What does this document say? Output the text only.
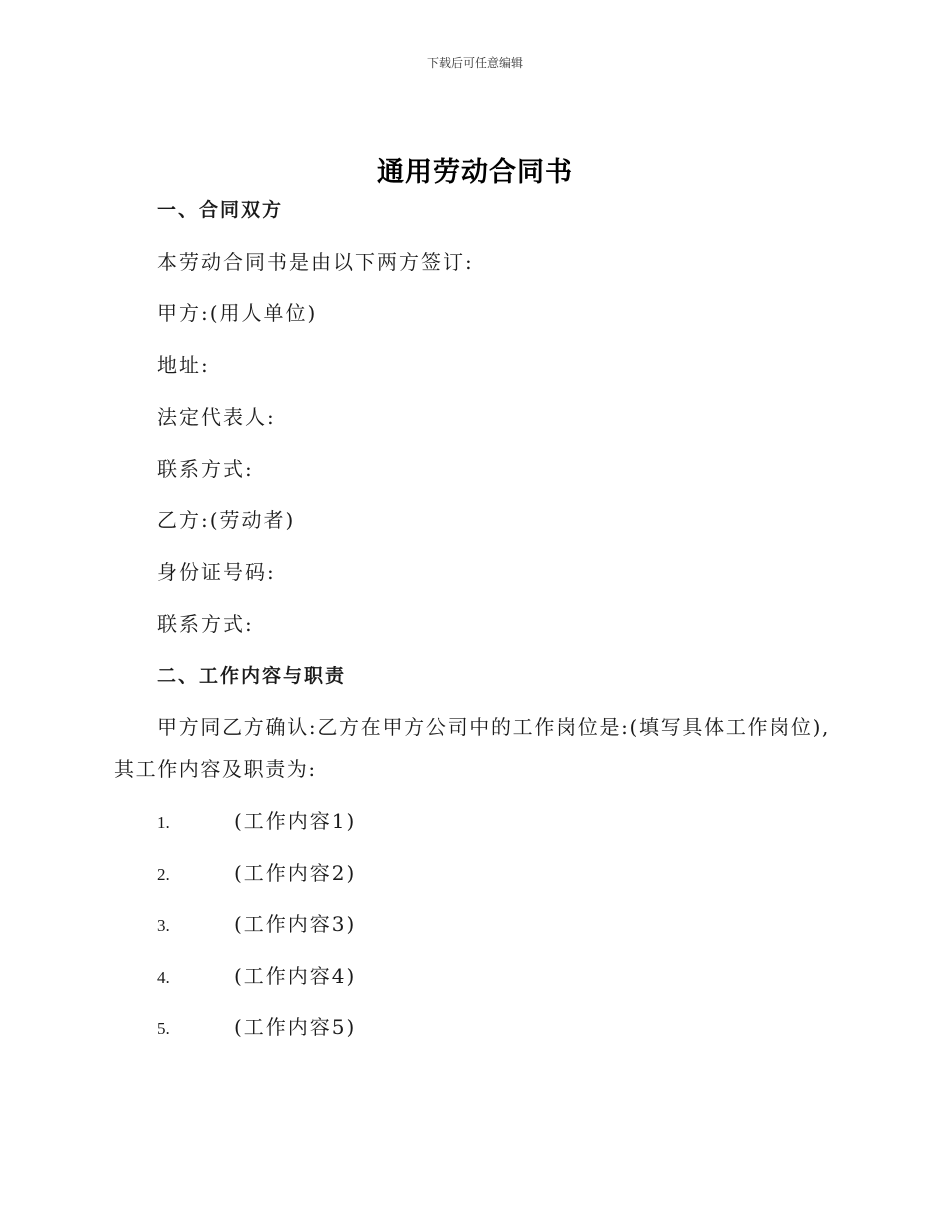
下载后可任意编辑
通用劳动合同书
一、合同双方
本劳动合同书是由以下两方签订:
甲方:(用人单位)
地址:
法定代表人:
联系方式:
乙方:(劳动者)
身份证号码:
联系方式:
二、工作内容与职责
甲方同乙方确认:乙方在甲方公司中的工作岗位是:(填写具体工作岗位),其工作内容及职责为:
1.	(工作内容1)
2.	(工作内容2)
3.	(工作内容3)
4.	(工作内容4)
5.	(工作内容5)
